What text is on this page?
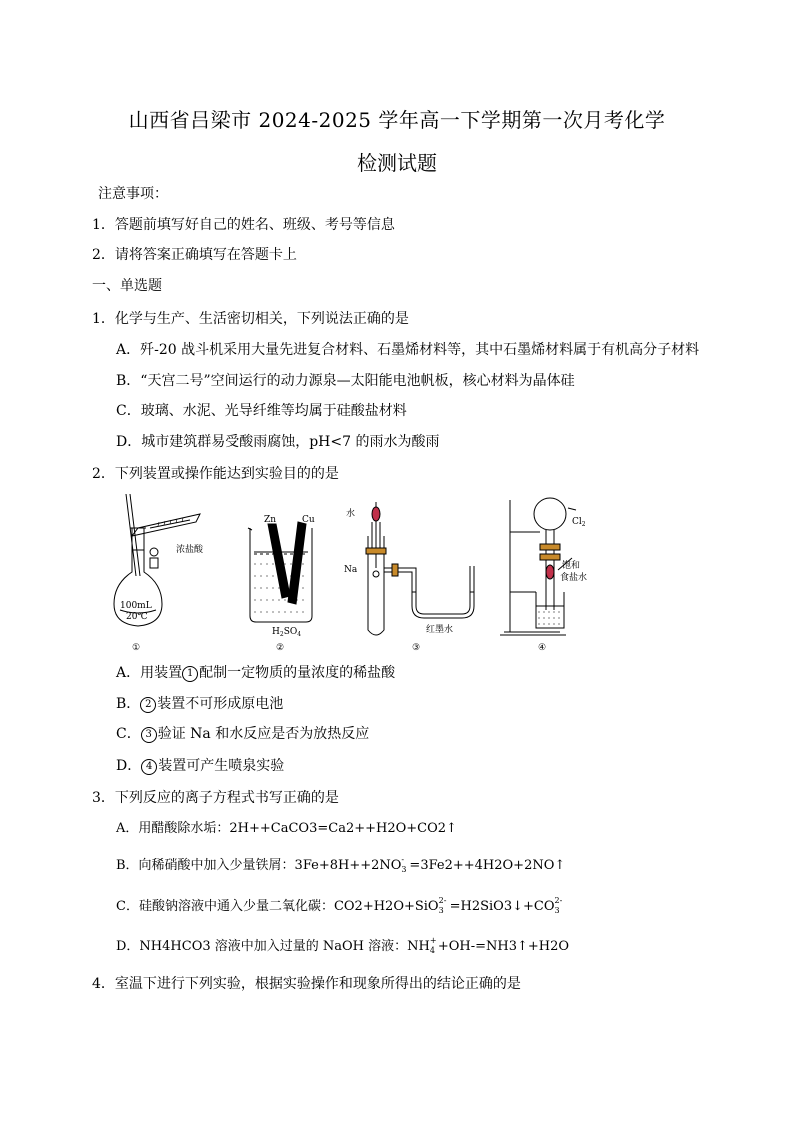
山西省吕梁市 2024-2025 学年高一下学期第一次月考化学
检测试题
注意事项：
1．答题前填写好自己的姓名、班级、考号等信息
2．请将答案正确填写在答题卡上
一、单选题
1．化学与生产、生活密切相关，下列说法正确的是
A．歼-20 战斗机采用大量先进复合材料、石墨烯材料等，其中石墨烯材料属于有机高分子材料
B．“天宫二号”空间运行的动力源泉—太阳能电池帆板，核心材料为晶体硅
C．玻璃、水泥、光导纤维等均属于硅酸盐材料
D．城市建筑群易受酸雨腐蚀，pH<7 的雨水为酸雨
2．下列装置或操作能达到实验目的的是
100mL
20℃
浓盐酸
Zn	Cu
$H_2SO_4$
水
Na
红墨水
$Cl_2$
饱和
食盐水
①	②	③	④
A．用装置 1 配制一定物质的量浓度的稀盐酸
B． 2 装置不可形成原电池
C． 3 验证 Na 和水反应是否为放热反应
D． 4 装置可产生喷泉实验
3．下列反应的离子方程式书写正确的是
A．用醋酸除水垢：2H++CaCO3=Ca2++H2O+CO2↑
B．向稀硝酸中加入少量铁屑：3Fe+8H++2NO -
3 =3Fe2++4H2O+2NO↑
C．硅酸钠溶液中通入少量二氧化碳：CO2+H2O+SiO 2-
3 =H2SiO3↓+CO 2-
3
D．NH4HCO3 溶液中加入过量的 NaOH 溶液：NH +
4 +OH-=NH3↑+H2O
4．室温下进行下列实验，根据实验操作和现象所得出的结论正确的是
